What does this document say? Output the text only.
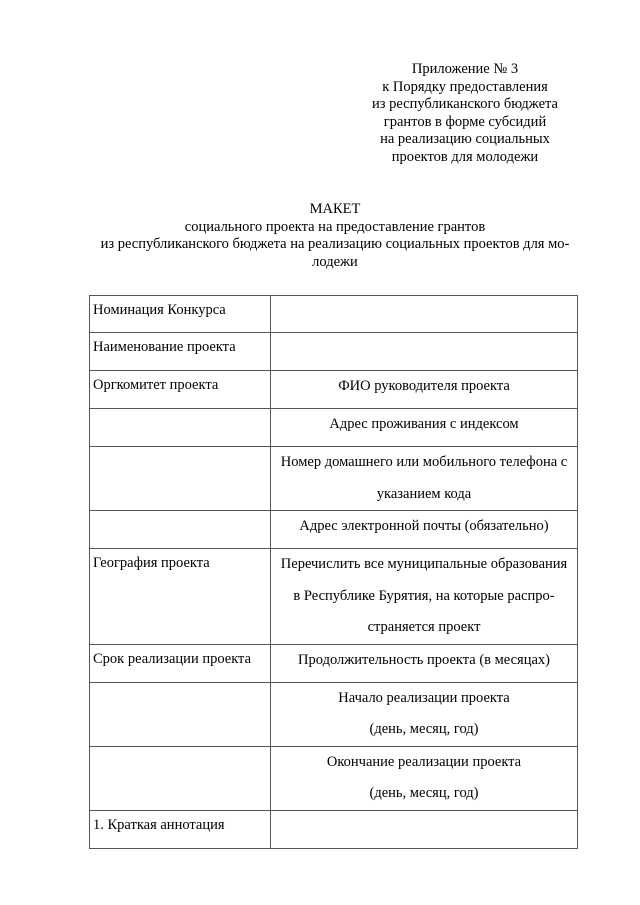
Приложение № 3
к Порядку предоставления
из республиканского бюджета
грантов в форме субсидий
на реализацию социальных
проектов для молодежи
МАКЕТ
социального проекта на предоставление грантов
из республиканского бюджета на реализацию социальных проектов для мо-
лодежи
Номинация Конкурса	
Наименование проекта	
Оргкомитет проекта	ФИО руководителя проекта

	Адрес проживания с индексом

	Номер домашнего или мобильного телефона с
указанием кода

	Адрес электронной почты (обязательно)

География проекта	Перечислить все муниципальные образования
в Республике Бурятия, на которые распро-
страняется проект

Срок реализации проекта	Продолжительность проекта (в месяцах)

	Начало реализации проекта
(день, месяц, год)

	Окончание реализации проекта
(день, месяц, год)

1. Краткая аннотация	
